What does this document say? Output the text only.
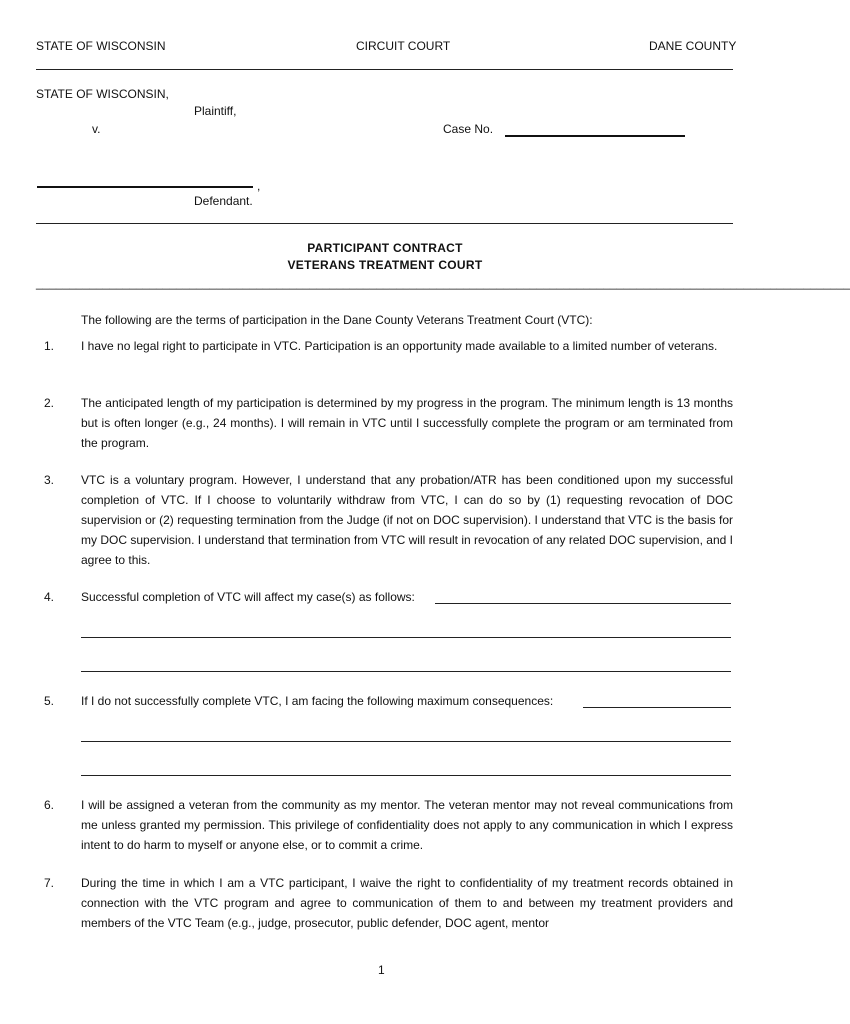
STATE OF WISCONSIN	CIRCUIT COURT	DANE COUNTY
STATE OF WISCONSIN,
Plaintiff,
v.	Case No.
,
Defendant.
PARTICIPANT CONTRACT
VETERANS TREATMENT COURT
__________________________________________________________________________________________________________________________
The following are the terms of participation in the Dane County Veterans Treatment Court (VTC):
1.	I have no legal right to participate in VTC. Participation is an opportunity made available to a limited number of veterans.
2.	The anticipated length of my participation is determined by my progress in the program. The minimum length is 13 months but is often longer (e.g., 24 months). I will remain in VTC until I successfully complete the program or am terminated from the program.
3.	VTC is a voluntary program. However, I understand that any probation/ATR has been conditioned upon my successful completion of VTC. If I choose to voluntarily withdraw from VTC, I can do so by (1) requesting revocation of DOC supervision or (2) requesting termination from the Judge (if not on DOC supervision). I understand that VTC is the basis for my DOC supervision. I understand that termination from VTC will result in revocation of any related DOC supervision, and I agree to this.
4.	Successful completion of VTC will affect my case(s) as follows:
5.	If I do not successfully complete VTC, I am facing the following maximum consequences:
6.	I will be assigned a veteran from the community as my mentor. The veteran mentor may not reveal communications from me unless granted my permission. This privilege of confidentiality does not apply to any communication in which I express intent to do harm to myself or anyone else, or to commit a crime.
7.	During the time in which I am a VTC participant, I waive the right to confidentiality of my treatment records obtained in connection with the VTC program and agree to communication of them to and between my treatment providers and members of the VTC Team (e.g., judge, prosecutor, public defender, DOC agent, mentor
1
